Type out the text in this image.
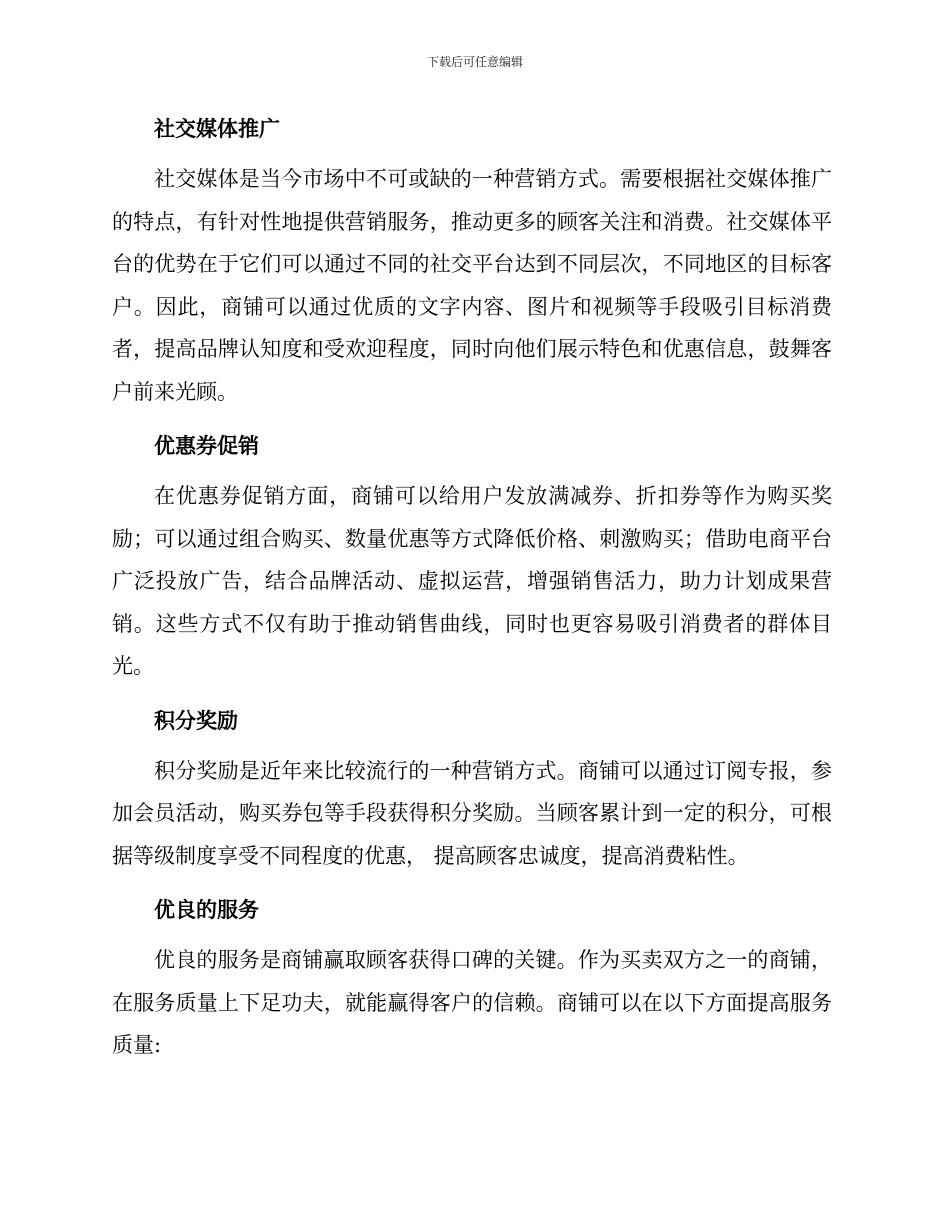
下载后可任意编辑
社交媒体推广

社交媒体是当今市场中不可或缺的一种营销方式。需要根据社交媒体推广的特点，有针对性地提供营销服务，推动更多的顾客关注和消费。社交媒体平台的优势在于它们可以通过不同的社交平台达到不同层次，不同地区的目标客户。因此，商铺可以通过优质的文字内容、图片和视频等手段吸引目标消费者，提高品牌认知度和受欢迎程度，同时向他们展示特色和优惠信息，鼓舞客户前来光顾。

优惠券促销

在优惠券促销方面，商铺可以给用户发放满减券、折扣券等作为购买奖励；可以通过组合购买、数量优惠等方式降低价格、刺激购买；借助电商平台广泛投放广告，结合品牌活动、虚拟运营，增强销售活力，助力计划成果营销。这些方式不仅有助于推动销售曲线，同时也更容易吸引消费者的群体目光。

积分奖励

积分奖励是近年来比较流行的一种营销方式。商铺可以通过订阅专报，参加会员活动，购买券包等手段获得积分奖励。当顾客累计到一定的积分，可根据等级制度享受不同程度的优惠， 提高顾客忠诚度，提高消费粘性。

优良的服务

优良的服务是商铺赢取顾客获得口碑的关键。作为买卖双方之一的商铺，在服务质量上下足功夫，就能赢得客户的信赖。商铺可以在以下方面提高服务质量:
